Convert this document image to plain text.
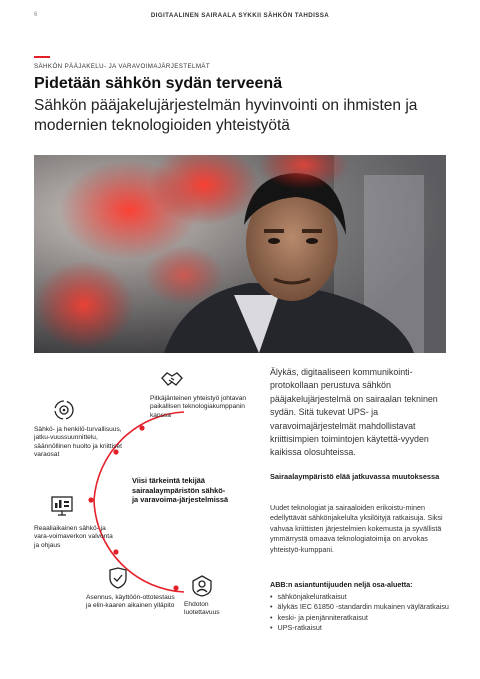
6	DIGITAALINEN SAIRAALA SYKKII SÄHKÖN TAHDISSA
SÄHKÖN PÄÄJAKELU- JA VARAVOIMAJÄRJESTELMÄT
Pidetään sähkön sydän terveenä
Sähkön pääjakelujärjestelmän hyvinvointi on ihmisten ja modernien teknologioiden yhteistyötä
Pitkäjänteinen yhteistyö johtavan paikallisen teknologiakumppanin kanssa
Sähkö- ja henkilö-turvallisuus, jatku-vuussuunnittelu, säännöllinen huolto ja kriittiset varaosat
Reaaliaikainen sähkö- ja vara-voimaverkon valvonta ja ohjaus
Asennus, käyttöön-ottotestaus ja elin-kaaren aikainen ylläpito Ehdoton luotettavuus
Viisi tärkeintä tekijää sairaalaympäristön sähkö- ja varavoima-järjestelmissä
Älykäs, digitaaliseen kommunikointi-protokollaan perustuva sähkön pääjakelujärjestelmä on sairaalan tekninen sydän. Sitä tukevat UPS- ja varavoimajärjestelmät mahdollistavat kriittisimpien toimintojen käytettä-vyyden kaikissa olosuhteissa.
Sairaalaympäristö elää jatkuvassa muutoksessa
Uudet teknologiat ja sairaaloiden erikoistu-minen edellyttävät sähkönjakelulta yksilöityjä ratkaisuja. Siksi vahvaa kriittisten järjestelmien kokemusta ja syvällistä ymmärrystä omaava teknologiatoimija on arvokas yhteistyö-kumppani.
ABB:n asiantuntijuuden neljä osa-aluetta:
• sähkönjakeluratkaisut
• älykäs IEC 61850 -standardin mukainen väyläratkaisu
• keski- ja pienjänniteratkaisut
• UPS-ratkaisut
